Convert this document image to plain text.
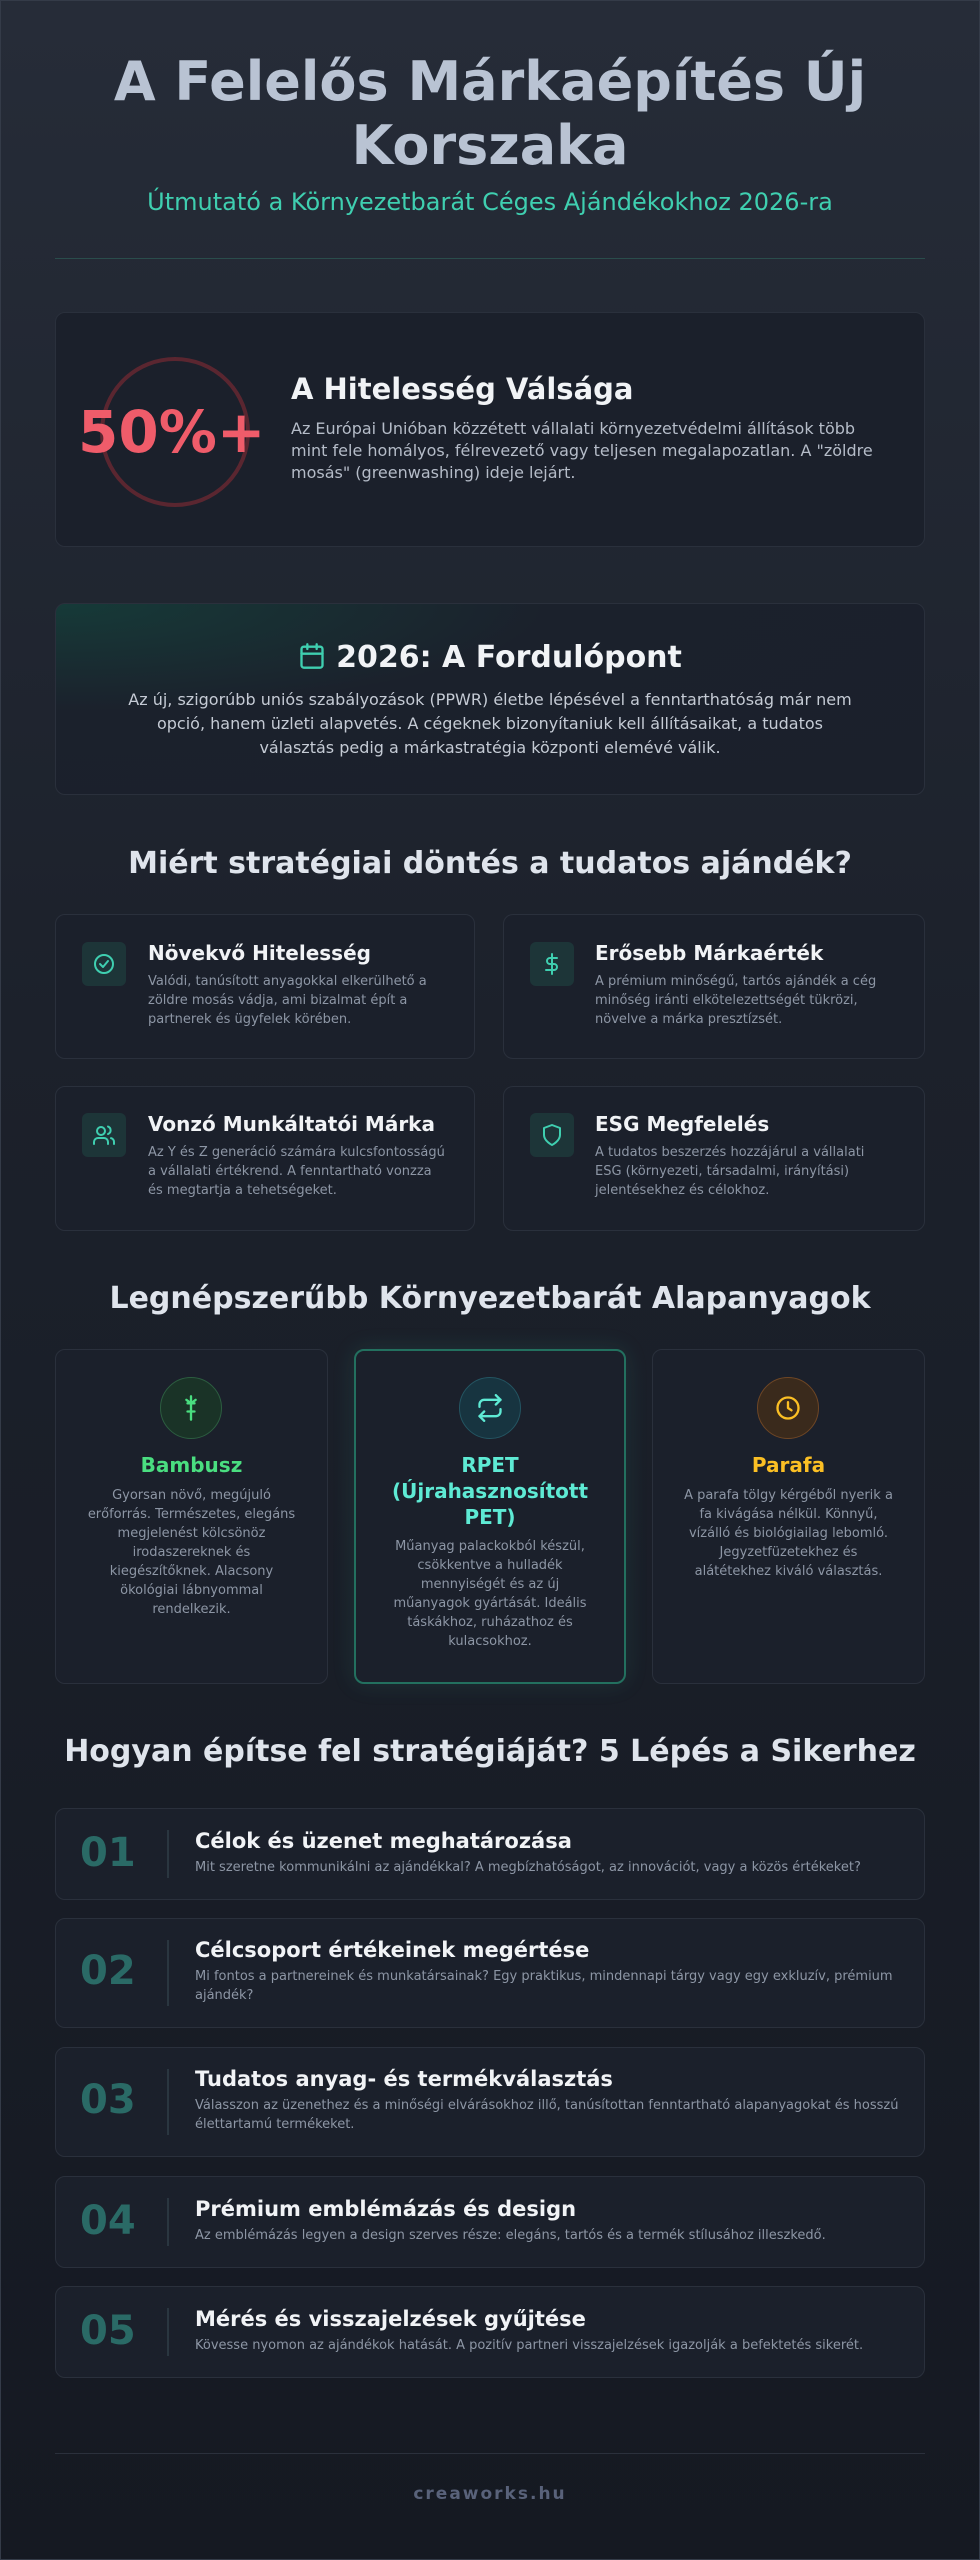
A Felelős Márkaépítés Új
Korszaka
Útmutató a Környezetbarát Céges Ajándékokhoz 2026-ra
50%+
A Hitelesség Válsága
Az Európai Unióban közzétett vállalati környezetvédelmi állítások több mint fele homályos, félrevezető vagy teljesen megalapozatlan. A "zöldre mosás" (greenwashing) ideje lejárt.
2026: A Fordulópont
Az új, szigorúbb uniós szabályozások (PPWR) életbe lépésével a fenntarthatóság már nem opció, hanem üzleti alapvetés. A cégeknek bizonyítaniuk kell állításaikat, a tudatos választás pedig a márkastratégia központi elemévé válik.
Miért stratégiai döntés a tudatos ajándék?
Növekvő Hitelesség
Valódi, tanúsított anyagokkal elkerülhető a zöldre mosás vádja, ami bizalmat épít a partnerek és ügyfelek körében.
Erősebb Márkaérték
A prémium minőségű, tartós ajándék a cég minőség iránti elkötelezettségét tükrözi, növelve a márka presztízsét.
Vonzó Munkáltatói Márka
Az Y és Z generáció számára kulcsfontosságú a vállalati értékrend. A fenntartható vonzza és megtartja a tehetségeket.
ESG Megfelelés
A tudatos beszerzés hozzájárul a vállalati ESG (környezeti, társadalmi, irányítási) jelentésekhez és célokhoz.
Legnépszerűbb Környezetbarát Alapanyagok
Bambusz
Gyorsan növő, megújuló
erőforrás. Természetes, elegáns
megjelenést kölcsönöz
irodaszereknek és
kiegészítőknek. Alacsony
ökológiai lábnyommal
rendelkezik.
RPET
(Újrahasznosított
PET)
Műanyag palackokból készül,
csökkentve a hulladék
mennyiségét és az új
műanyagok gyártását. Ideális
táskákhoz, ruházathoz és
kulacsokhoz.
Parafa
A parafa tölgy kérgéből nyerik a
fa kivágása nélkül. Könnyű,
vízálló és biológiailag lebomló.
Jegyzetfüzetekhez és
alátétekhez kiváló választás.
Hogyan építse fel stratégiáját? 5 Lépés a Sikerhez
01	Célok és üzenet meghatározása
Mit szeretne kommunikálni az ajándékkal? A megbízhatóságot, az innovációt, vagy a közös értékeket?
02	Célcsoport értékeinek megértése
Mi fontos a partnereinek és munkatársainak? Egy praktikus, mindennapi tárgy vagy egy exkluzív, prémium
ajándék?
03	Tudatos anyag- és termékválasztás
Válasszon az üzenethez és a minőségi elvárásokhoz illő, tanúsítottan fenntartható alapanyagokat és hosszú
élettartamú termékeket.
04	Prémium emblémázás és design
Az emblémázás legyen a design szerves része: elegáns, tartós és a termék stílusához illeszkedő.
05	Mérés és visszajelzések gyűjtése
Kövesse nyomon az ajándékok hatását. A pozitív partneri visszajelzések igazolják a befektetés sikerét.
creaworks.hu
